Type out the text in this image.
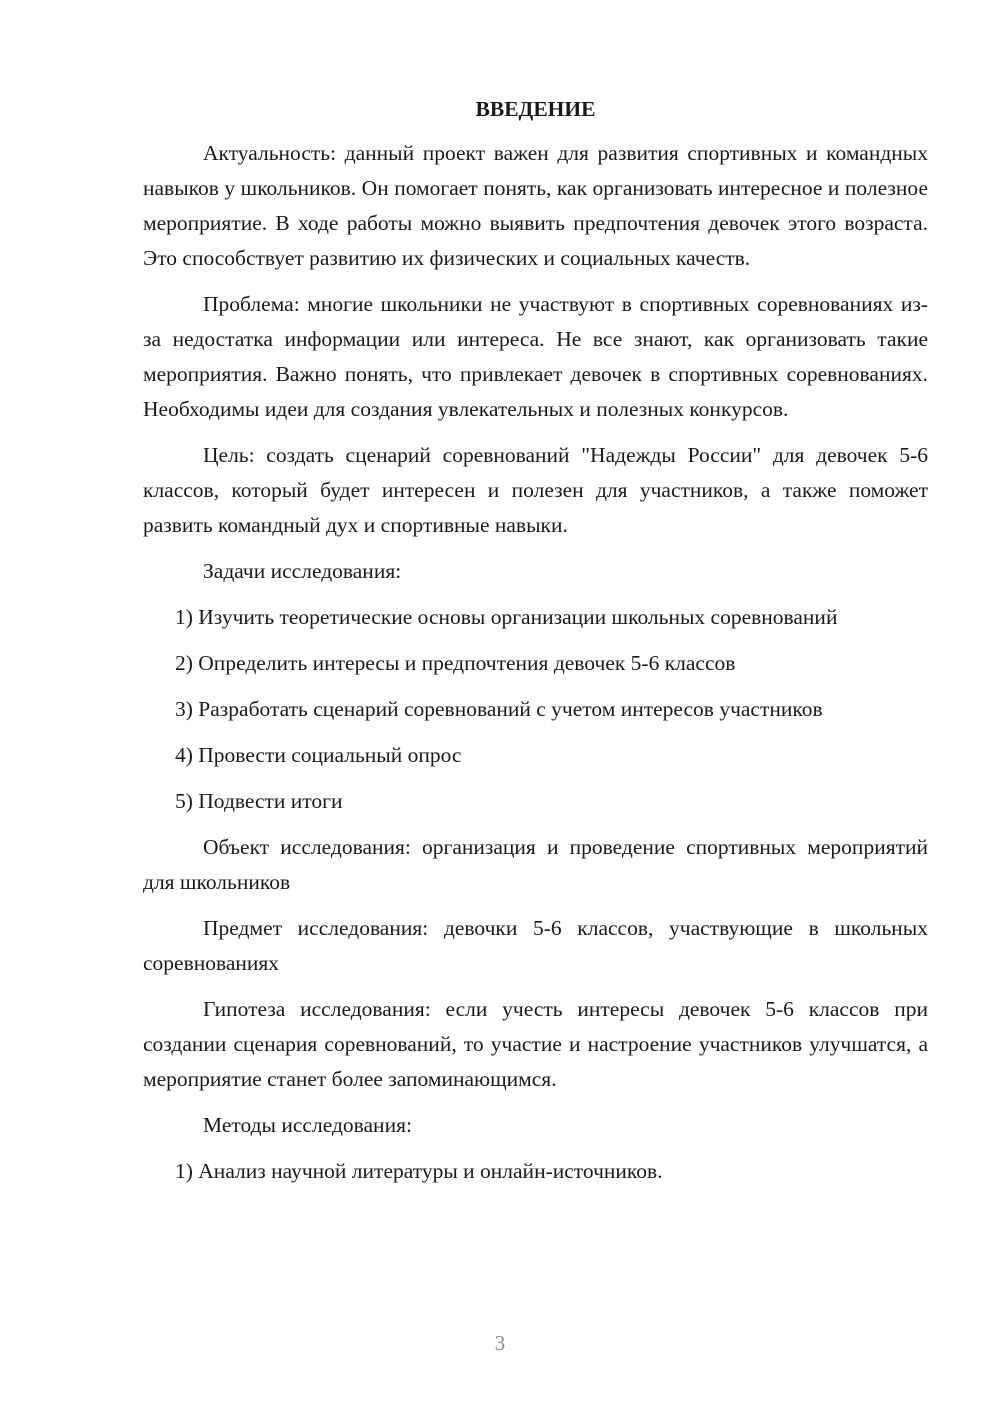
ВВЕДЕНИЕ

Актуальность: данный проект важен для развития спортивных и командных навыков у школьников. Он помогает понять, как организовать интересное и полезное мероприятие. В ходе работы можно выявить предпочтения девочек этого возраста. Это способствует развитию их физических и социальных качеств.

Проблема: многие школьники не участвуют в спортивных соревнованиях из-за недостатка информации или интереса. Не все знают, как организовать такие мероприятия. Важно понять, что привлекает девочек в спортивных соревнованиях. Необходимы идеи для создания увлекательных и полезных конкурсов.

Цель: создать сценарий соревнований "Надежды России" для девочек 5-6 классов, который будет интересен и полезен для участников, а также поможет развить командный дух и спортивные навыки.

Задачи исследования:

1) Изучить теоретические основы организации школьных соревнований

2) Определить интересы и предпочтения девочек 5-6 классов

3) Разработать сценарий соревнований с учетом интересов участников

4) Провести социальный опрос

5) Подвести итоги

Объект исследования: организация и проведение спортивных мероприятий для школьников

Предмет исследования: девочки 5-6 классов, участвующие в школьных соревнованиях

Гипотеза исследования: если учесть интересы девочек 5-6 классов при создании сценария соревнований, то участие и настроение участников улучшатся, а мероприятие станет более запоминающимся.

Методы исследования:

1) Анализ научной литературы и онлайн-источников.

3
